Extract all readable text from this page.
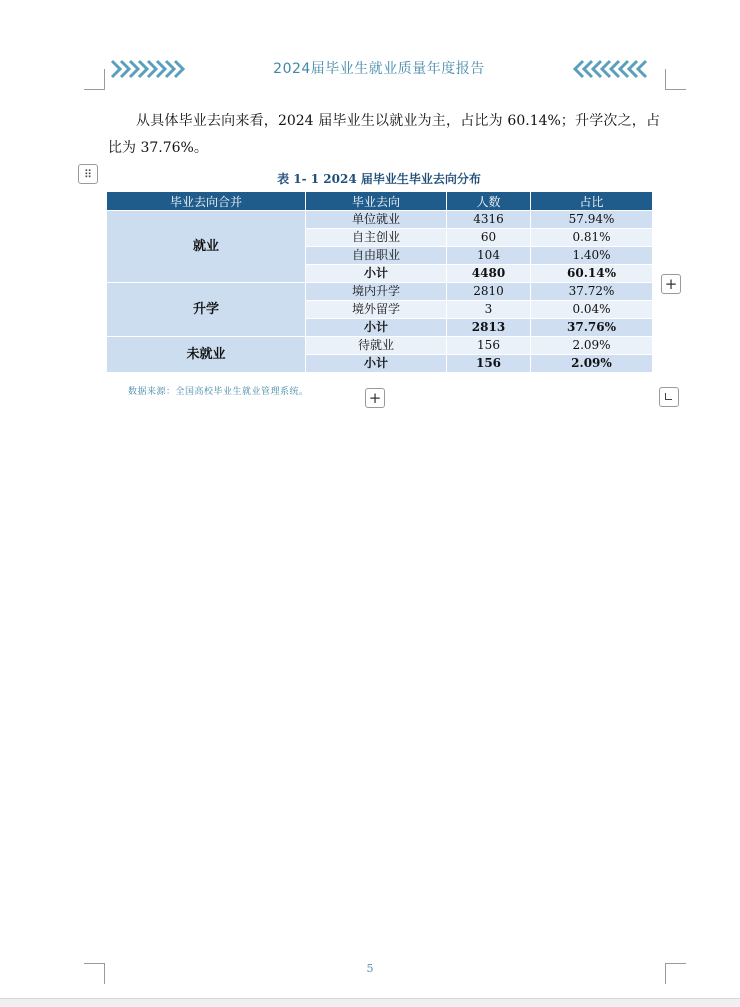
2024届毕业生就业质量年度报告

从具体毕业去向来看，2024 届毕业生以就业为主，占比为 60.14%；升学次之，占比为 37.76%。

⠿	表 1- 1 2024 届毕业生毕业去向分布
毕业去向合并	毕业去向	人数	占比
就业	单位就业	4316	57.94%
	自主创业	60	0.81%
	自由职业	104	1.40%
	小计	4480	60.14%
升学	境内升学	2810	37.72%
	境外留学	3	0.04%
	小计	2813	37.76%
未就业	待就业	156	2.09%
	小计	156	2.09%
数据来源：全国高校毕业生就业管理系统。
+
+
5
